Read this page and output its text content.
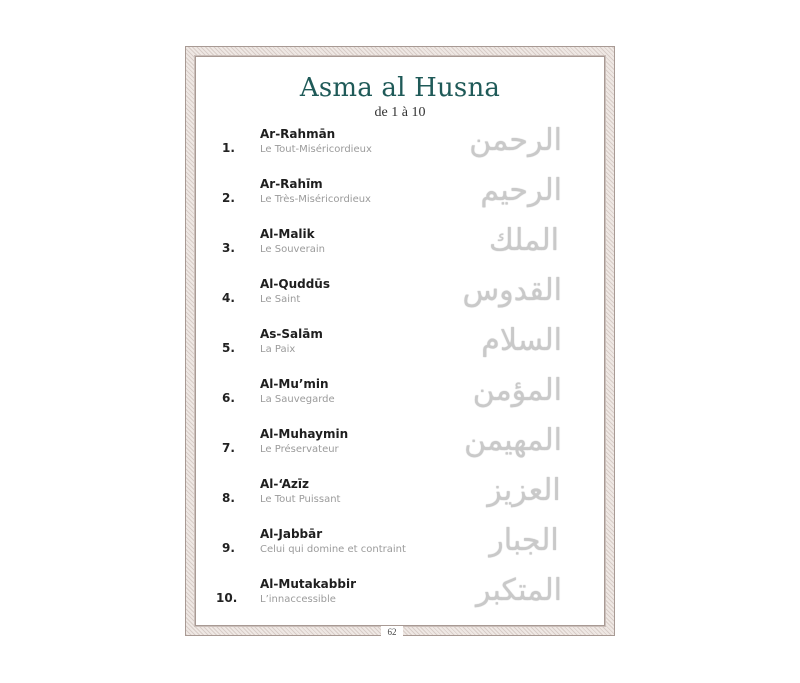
Asma al Husna
de 1 à 10
1.
Ar-Rahmān
Le Tout-Miséricordieux	الرحمن
2.
Ar-Rahīm
Le Très-Miséricordieux	الرحيم
3.
Al-Malik
Le Souverain	الملك
4.
Al-Quddūs
Le Saint	القدوس
5.
As-Salām
La Paix	السلام
6.
Al-Mu’min
La Sauvegarde	المؤمن
7.
Al-Muhaymin
Le Préservateur	المهيمن
8.
Al-‘Azīz
Le Tout Puissant	العزيز
9.
Al-Jabbār
Celui qui domine et contraint	الجبار
10.
Al-Mutakabbir
L’innaccessible	المتكبر
62
